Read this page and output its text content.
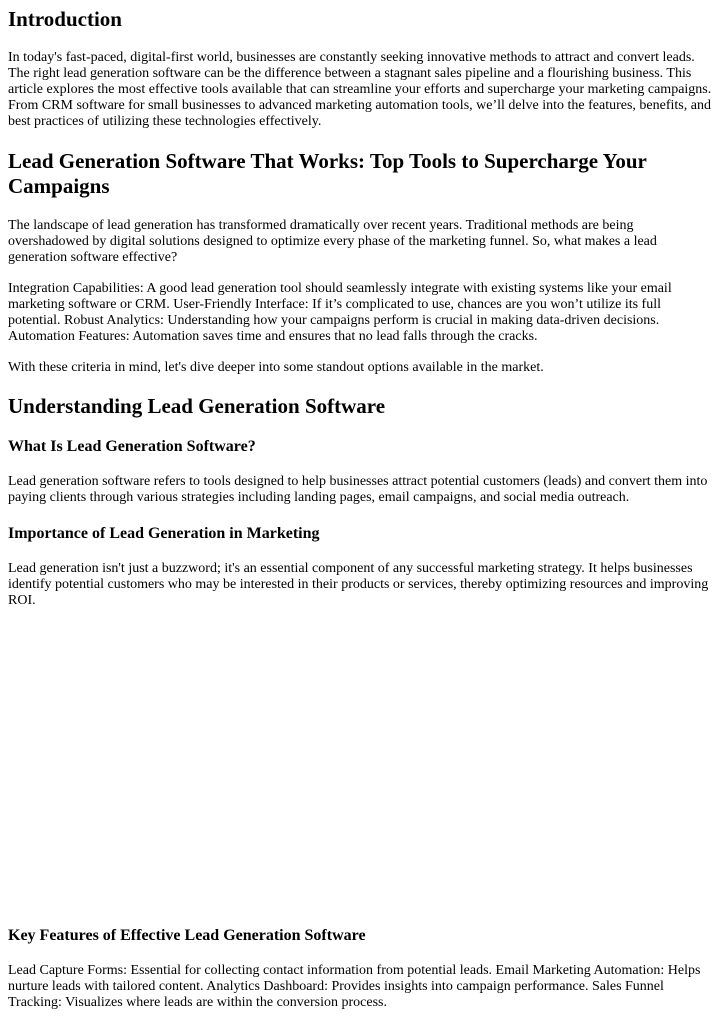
Introduction

In today's fast-paced, digital-first world, businesses are constantly seeking innovative methods to attract and convert leads. The right lead generation software can be the difference between a stagnant sales pipeline and a flourishing business. This article explores the most effective tools available that can streamline your efforts and supercharge your marketing campaigns. From CRM software for small businesses to advanced marketing automation tools, we’ll delve into the features, benefits, and best practices of utilizing these technologies effectively.

Lead Generation Software That Works: Top Tools to Supercharge Your Campaigns

The landscape of lead generation has transformed dramatically over recent years. Traditional methods are being overshadowed by digital solutions designed to optimize every phase of the marketing funnel. So, what makes a lead generation software effective?

Integration Capabilities: A good lead generation tool should seamlessly integrate with existing systems like your email marketing software or CRM. User-Friendly Interface: If it’s complicated to use, chances are you won’t utilize its full potential. Robust Analytics: Understanding how your campaigns perform is crucial in making data-driven decisions. Automation Features: Automation saves time and ensures that no lead falls through the cracks.

With these criteria in mind, let's dive deeper into some standout options available in the market.

Understanding Lead Generation Software
What Is Lead Generation Software?

Lead generation software refers to tools designed to help businesses attract potential customers (leads) and convert them into paying clients through various strategies including landing pages, email campaigns, and social media outreach.

Importance of Lead Generation in Marketing

Lead generation isn't just a buzzword; it's an essential component of any successful marketing strategy. It helps businesses identify potential customers who may be interested in their products or services, thereby optimizing resources and improving ROI.

Key Features of Effective Lead Generation Software

Lead Capture Forms: Essential for collecting contact information from potential leads. Email Marketing Automation: Helps nurture leads with tailored content. Analytics Dashboard: Provides insights into campaign performance. Sales Funnel Tracking: Visualizes where leads are within the conversion process.
